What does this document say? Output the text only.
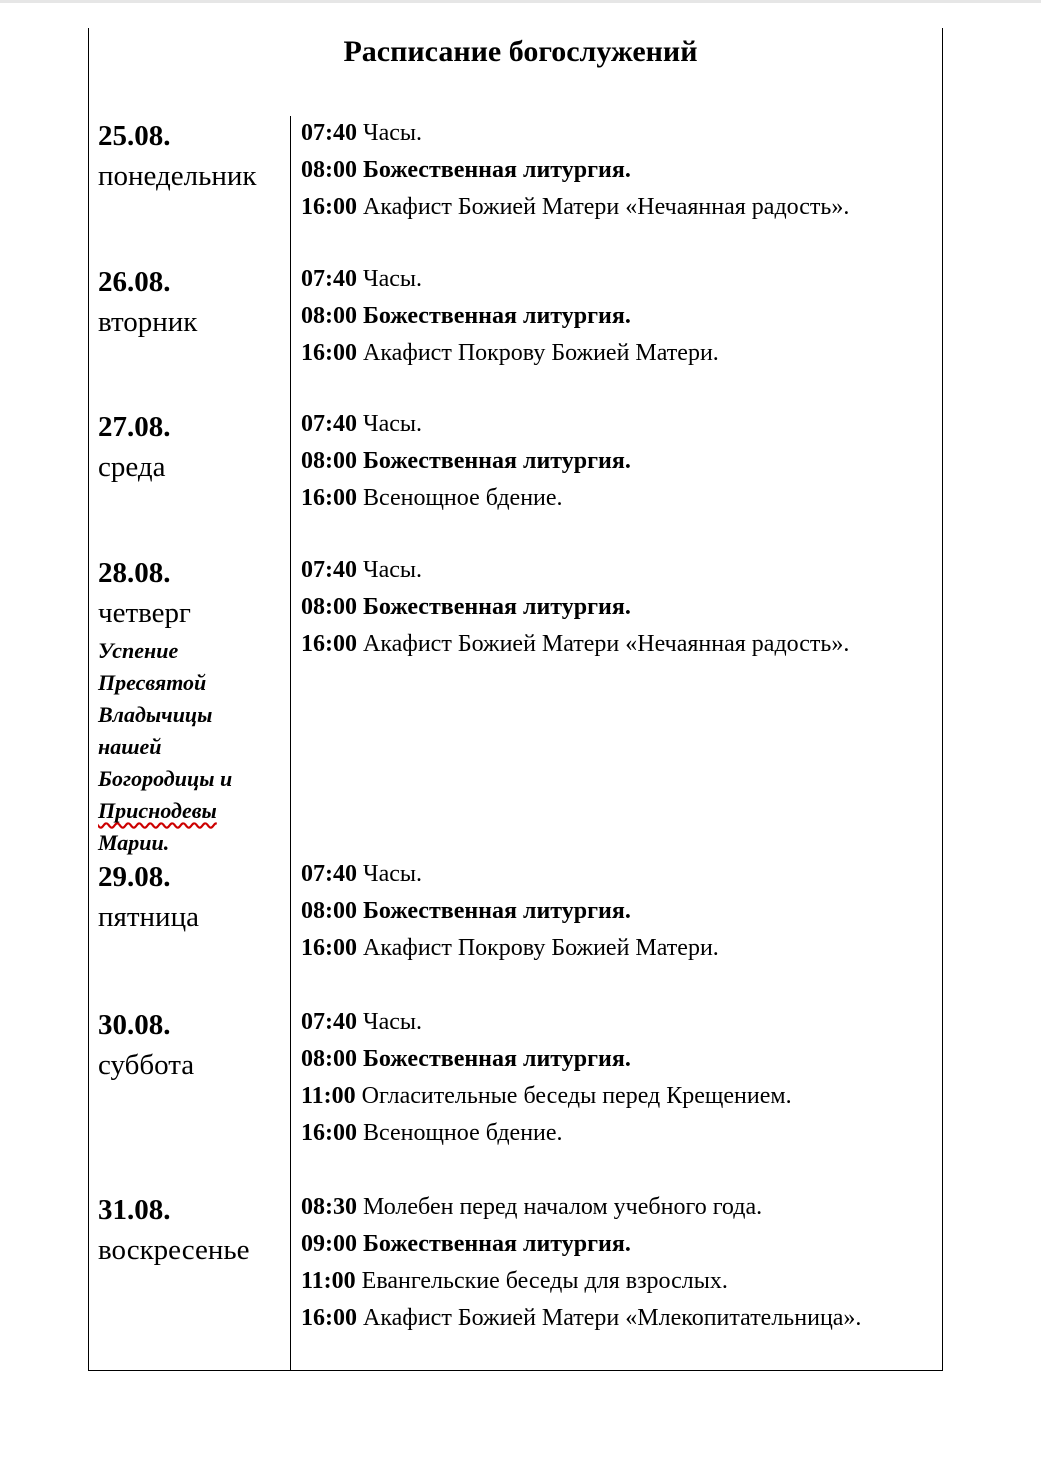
Расписание богослужений
25.08.
понедельник
07:40 Часы.
08:00 Божественная литургия.
16:00 Акафист Божией Матери «Нечаянная радость».
26.08.
вторник
07:40 Часы.
08:00 Божественная литургия.
16:00 Акафист Покрову Божией Матери.
27.08.
среда
07:40 Часы.
08:00 Божественная литургия.
16:00 Всенощное бдение.
28.08.
четверг
Успение
Пресвятой
Владычицы
нашей
Богородицы и
Приснодевы
Марии.
07:40 Часы.
08:00 Божественная литургия.
16:00 Акафист Божией Матери «Нечаянная радость».
29.08.
пятница
07:40 Часы.
08:00 Божественная литургия.
16:00 Акафист Покрову Божией Матери.
30.08.
суббота
07:40 Часы.
08:00 Божественная литургия.
11:00 Огласительные беседы перед Крещением.
16:00 Всенощное бдение.
31.08.
воскресенье
08:30 Молебен перед началом учебного года.
09:00 Божественная литургия.
11:00 Евангельские беседы для взрослых.
16:00 Акафист Божией Матери «Млекопитательница».
